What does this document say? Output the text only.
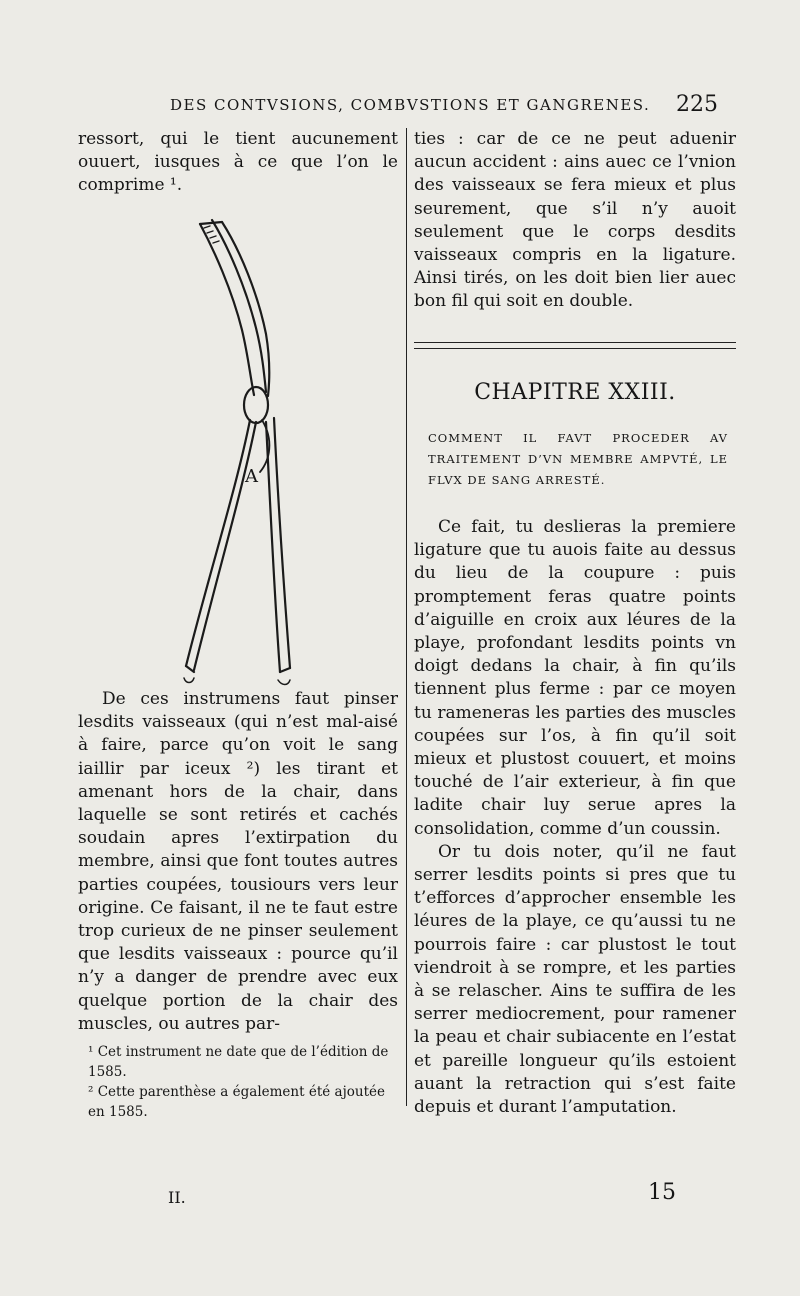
DES CONTVSIONS, COMBVSTIONS ET GANGRENES. 225

ressort, qui le tient aucunement ouuert, iusques à ce que l’on le comprime ¹.

A

De ces instrumens faut pinser lesdits vaisseaux (qui n’est mal-aisé à faire, parce qu’on voit le sang iaillir par iceux ²) les tirant et amenant hors de la chair, dans laquelle se sont retirés et cachés soudain apres l’extirpation du membre, ainsi que font toutes autres parties coupées, tousiours vers leur origine. Ce faisant, il ne te faut estre trop curieux de ne pinser seulement que lesdits vaisseaux : pource qu’il n’y a danger de prendre avec eux quelque portion de la chair des muscles, ou autres par-

¹ Cet instrument ne date que de l’édition de 1585.

² Cette parenthèse a également été ajoutée en 1585.

ties : car de ce ne peut aduenir aucun accident : ains auec ce l’vnion des vaisseaux se fera mieux et plus seurement, que s’il n’y auoit seulement que le corps desdits vaisseaux compris en la ligature. Ainsi tirés, on les doit bien lier auec bon fil qui soit en double.

CHAPITRE XXIII.
COMMENT IL FAVT PROCEDER AV TRAITEMENT D’VN MEMBRE AMPVTÉ, LE FLVX DE SANG ARRESTÉ.

Ce fait, tu deslieras la premiere ligature que tu auois faite au dessus du lieu de la coupure : puis promptement feras quatre points d’aiguille en croix aux léures de la playe, profondant lesdits points vn doigt dedans la chair, à fin qu’ils tiennent plus ferme : par ce moyen tu rameneras les parties des muscles coupées sur l’os, à fin qu’il soit mieux et plustost couuert, et moins touché de l’air exterieur, à fin que ladite chair luy serue apres la consolidation, comme d’un coussin.

Or tu dois noter, qu’il ne faut serrer lesdits points si pres que tu t’efforces d’approcher ensemble les léures de la playe, ce qu’aussi tu ne pourrois faire : car plustost le tout viendroit à se rompre, et les parties à se relascher. Ains te suffira de les serrer mediocrement, pour ramener la peau et chair subiacente en l’estat et pareille longueur qu’ils estoient auant la retraction qui s’est faite depuis et durant l’amputation.

II.	15
